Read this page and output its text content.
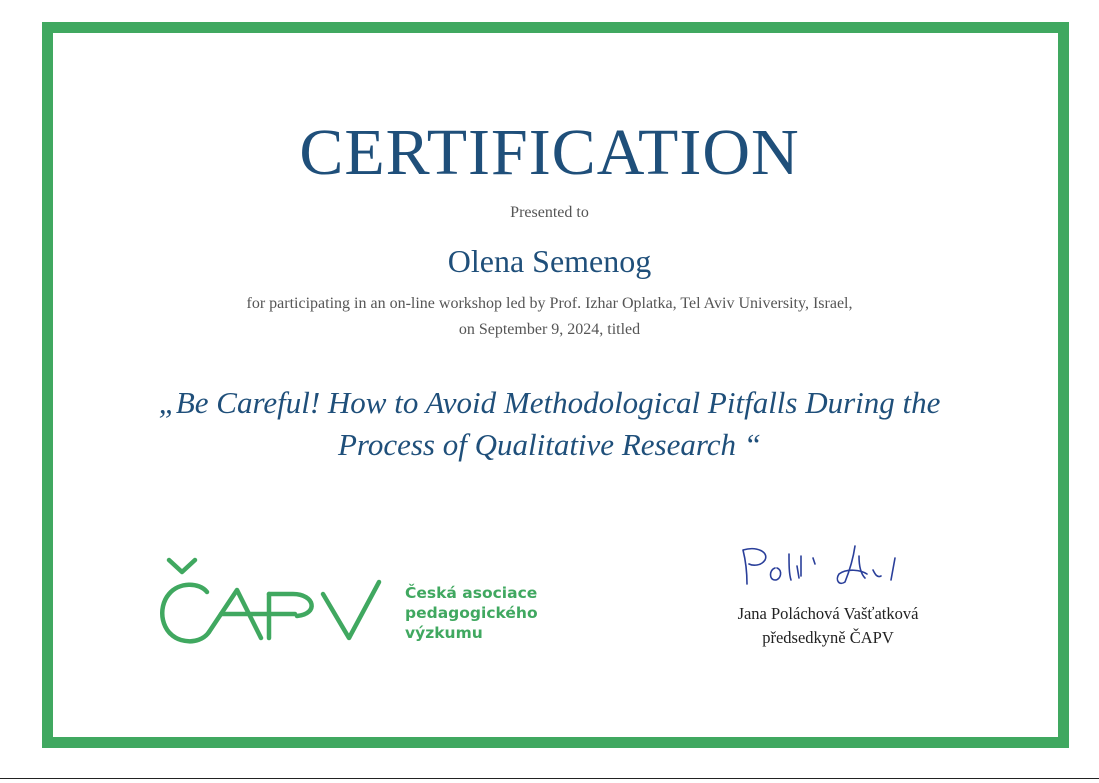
CERTIFICATION
Presented to
Olena Semenog
for participating in an on-line workshop led by Prof. Izhar Oplatka, Tel Aviv University, Israel,
on September 9, 2024, titled
„Be Careful! How to Avoid Methodological Pitfalls During the
Process of Qualitative Research “
Česká asociace
pedagogického
výzkumu
Jana Poláchová Vašťatková
předsedkyně ČAPV
